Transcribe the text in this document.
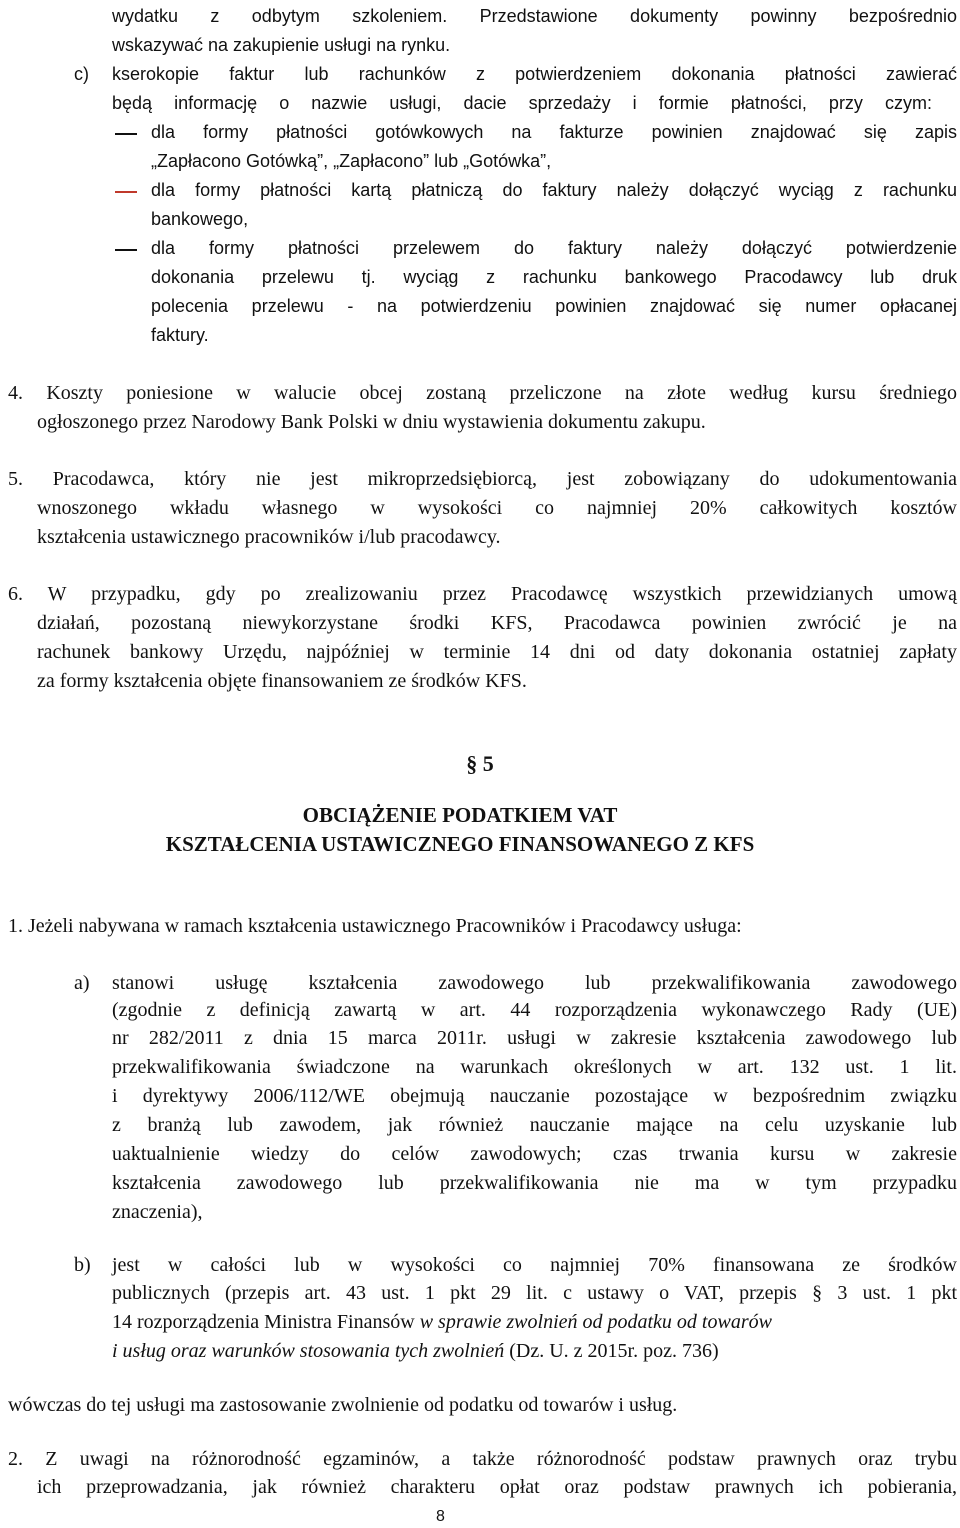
wydatku z odbytym szkoleniem. Przedstawione dokumenty powinny bezpośrednio
wskazywać na zakupienie usługi na rynku.
c) kserokopie faktur lub rachunków z potwierdzeniem dokonania płatności zawierać
będą informację o nazwie usługi, dacie sprzedaży i formie płatności, przy czym:
dla formy płatności gotówkowych na fakturze powinien znajdować się zapis
„Zapłacono Gotówką”, „Zapłacono” lub „Gotówka”,
dla formy płatności kartą płatniczą do faktury należy dołączyć wyciąg z rachunku
bankowego,
dla formy płatności przelewem do faktury należy dołączyć potwierdzenie
dokonania przelewu tj. wyciąg z rachunku bankowego Pracodawcy lub druk
polecenia przelewu - na potwierdzeniu powinien znajdować się numer opłacanej
faktury.
4. Koszty poniesione w walucie obcej zostaną przeliczone na złote według kursu średniego
ogłoszonego przez Narodowy Bank Polski w dniu wystawienia dokumentu zakupu.
5. Pracodawca, który nie jest mikroprzedsiębiorcą, jest zobowiązany do udokumentowania
wnoszonego wkładu własnego w wysokości co najmniej 20% całkowitych kosztów
kształcenia ustawicznego pracowników i/lub pracodawcy.
6. W przypadku, gdy po zrealizowaniu przez Pracodawcę wszystkich przewidzianych umową
działań, pozostaną niewykorzystane środki KFS, Pracodawca powinien zwrócić je na
rachunek bankowy Urzędu, najpóźniej w terminie 14 dni od daty dokonania ostatniej zapłaty
za formy kształcenia objęte finansowaniem ze środków KFS.
§ 5
OBCIĄŻENIE PODATKIEM VAT
KSZTAŁCENIA USTAWICZNEGO FINANSOWANEGO Z KFS
1. Jeżeli nabywana w ramach kształcenia ustawicznego Pracowników i Pracodawcy usługa:
a) stanowi usługę kształcenia zawodowego lub przekwalifikowania zawodowego
(zgodnie z definicją zawartą w art. 44 rozporządzenia wykonawczego Rady (UE)
nr 282/2011 z dnia 15 marca 2011r. usługi w zakresie kształcenia zawodowego lub
przekwalifikowania świadczone na warunkach określonych w art. 132 ust. 1 lit.
i dyrektywy 2006/112/WE obejmują nauczanie pozostające w bezpośrednim związku
z branżą lub zawodem, jak również nauczanie mające na celu uzyskanie lub
uaktualnienie wiedzy do celów zawodowych; czas trwania kursu w zakresie
kształcenia zawodowego lub przekwalifikowania nie ma w tym przypadku
znaczenia),
b) jest w całości lub w wysokości co najmniej 70% finansowana ze środków
publicznych (przepis art. 43 ust. 1 pkt 29 lit. c ustawy o VAT, przepis § 3 ust. 1 pkt
14 rozporządzenia Ministra Finansów w sprawie zwolnień od podatku od towarów
i usług oraz warunków stosowania tych zwolnień (Dz. U. z 2015r. poz. 736)
wówczas do tej usługi ma zastosowanie zwolnienie od podatku od towarów i usług.
2. Z uwagi na różnorodność egzaminów, a także różnorodność podstaw prawnych oraz trybu
ich przeprowadzania, jak również charakteru opłat oraz podstaw prawnych ich pobierania,
8
